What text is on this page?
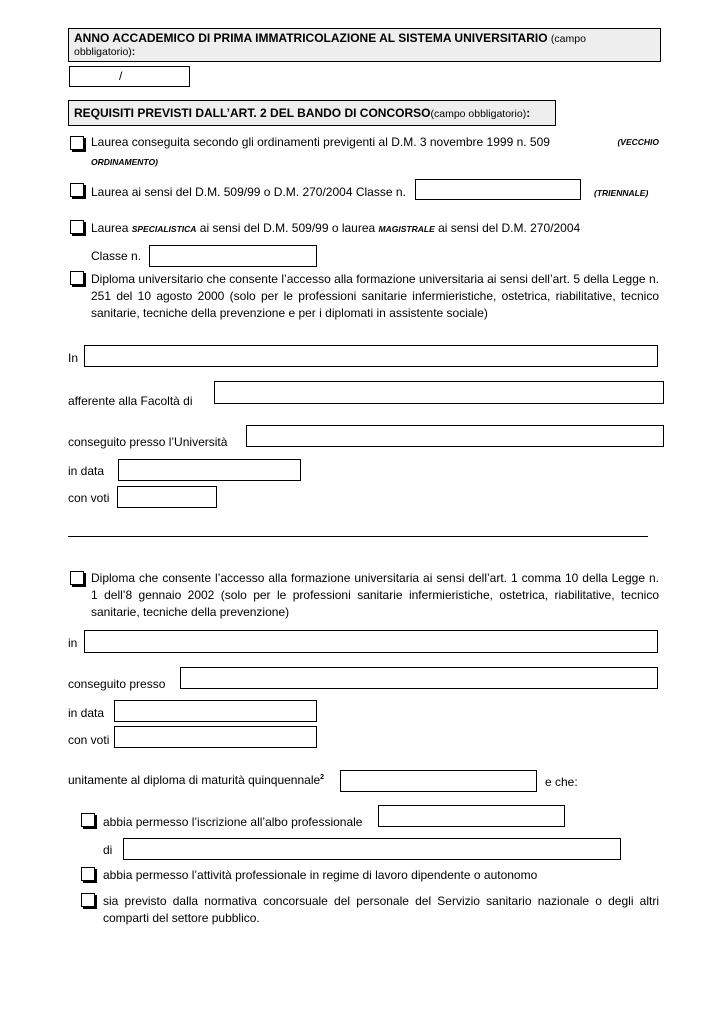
ANNO ACCADEMICO DI PRIMA IMMATRICOLAZIONE AL SISTEMA UNIVERSITARIO (campo
obbligatorio):
/
REQUISITI PREVISTI DALL’ART. 2 DEL BANDO DI CONCORSO(campo obbligatorio):
Laurea conseguita secondo gli ordinamenti previgenti al D.M. 3 novembre 1999 n. 509	(VECCHIO
ORDINAMENTO)
Laurea ai sensi del D.M. 509/99 o D.M. 270/2004 Classe n.	(TRIENNALE)
Laurea SPECIALISTICA ai sensi del D.M. 509/99 o laurea MAGISTRALE ai sensi del D.M. 270/2004
Classe n.
Diploma universitario che consente l’accesso alla formazione universitaria ai sensi dell’art. 5 della Legge n. 251 del 10 agosto 2000 (solo per le professioni sanitarie infermieristiche, ostetrica, riabilitative, tecnico sanitarie, tecniche della prevenzione e per i diplomati in assistente sociale)
In
afferente alla Facoltà di
conseguito presso l’Università
in data
con voti
Diploma che consente l’accesso alla formazione universitaria ai sensi dell’art. 1 comma 10 della Legge n. 1 dell’8 gennaio 2002 (solo per le professioni sanitarie infermieristiche, ostetrica, riabilitative, tecnico sanitarie, tecniche della prevenzione)
in
conseguito presso
in data
con voti
unitamente al diploma di maturità quinquennale$^2$	e che:
abbia permesso l’iscrizione all’albo professionale
di
abbia permesso l’attività professionale in regime di lavoro dipendente o autonomo
sia previsto dalla normativa concorsuale del personale del Servizio sanitario nazionale o degli altri comparti del settore pubblico.
